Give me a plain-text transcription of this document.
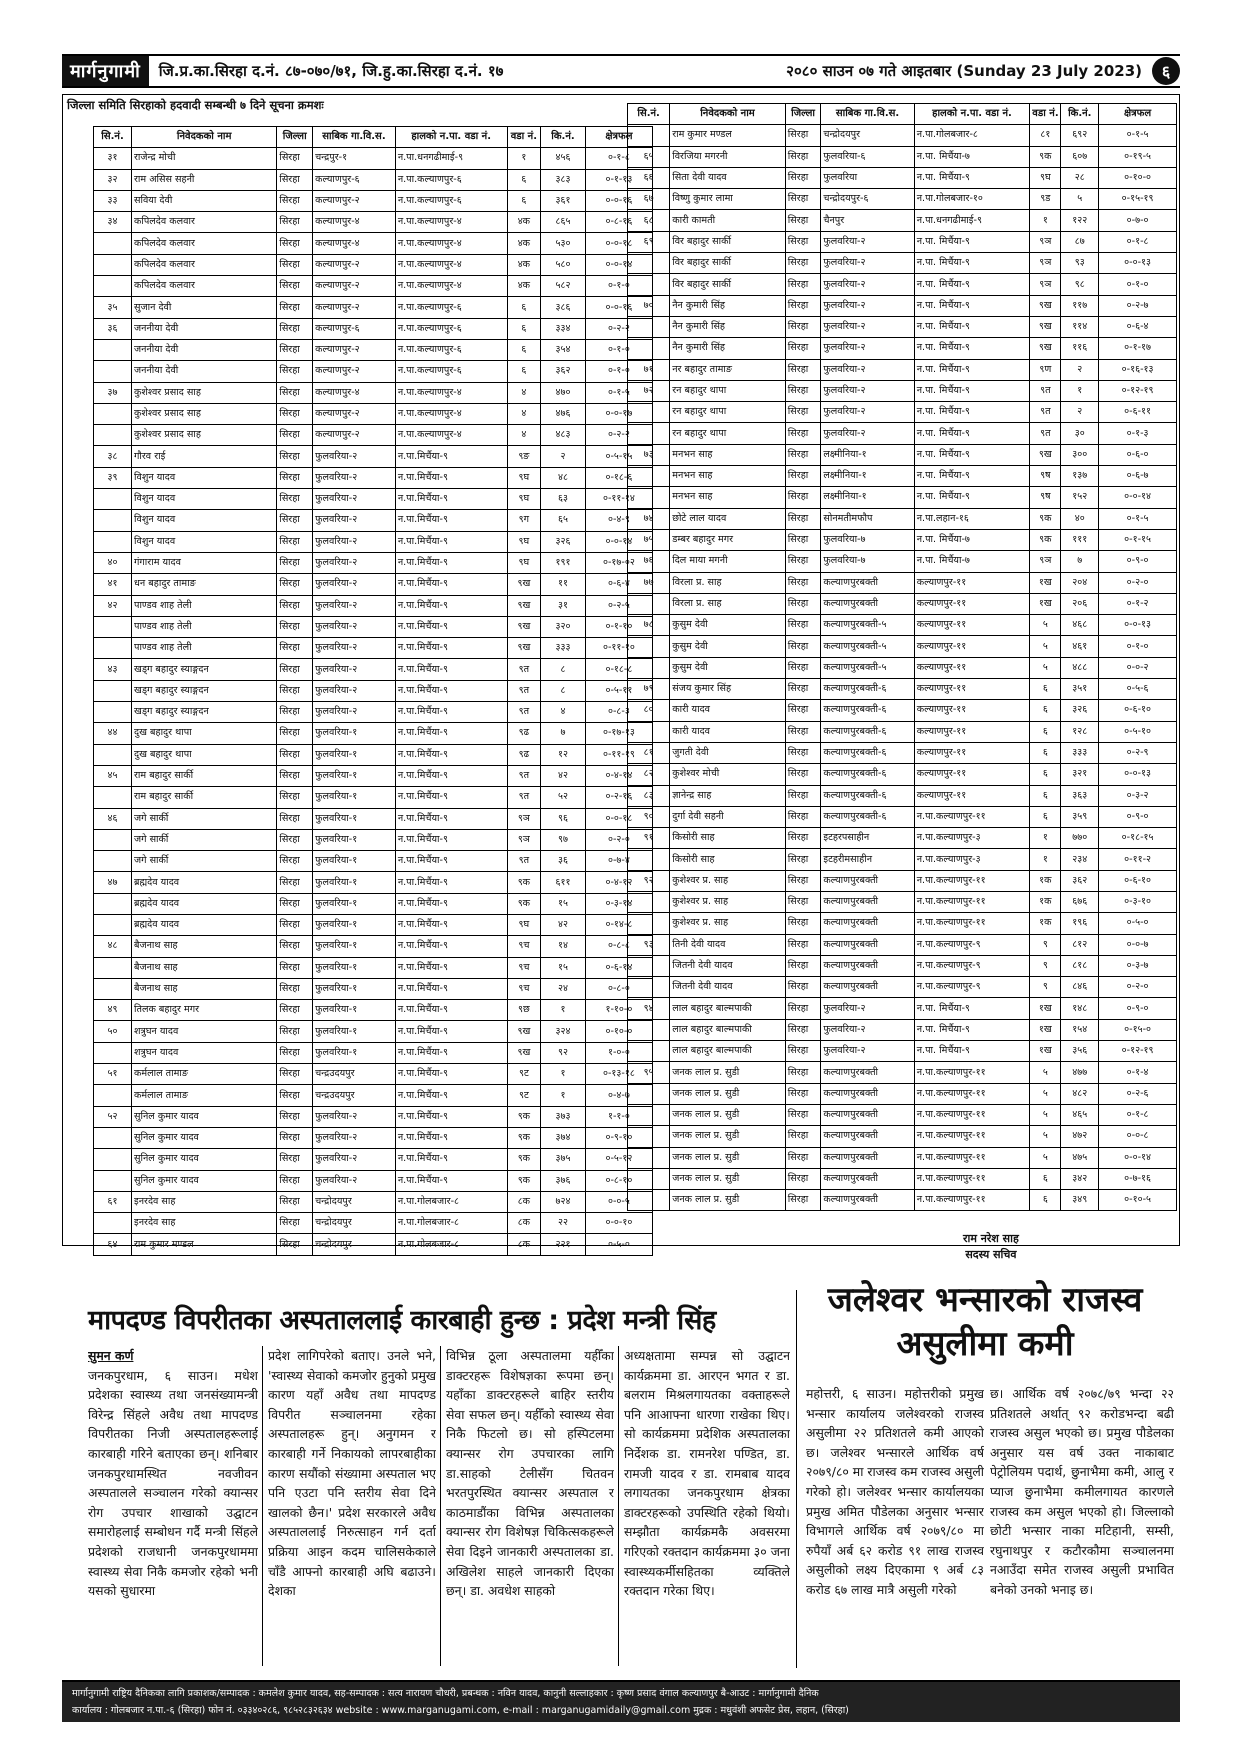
मार्गनुगामी	जि.प्र.का.सिरहा द.नं. ८७-०७०/७१, जि.हु.का.सिरहा द.नं. १७	२०८० साउन ०७ गते आइतबार (Sunday 23 July 2023)	६
जिल्ला समिति सिरहाको हदवादी सम्बन्धी ७ दिने सूचना क्रमशः
सि.नं.	निवेदकको नाम	जिल्ला	साबिक गा.वि.स.	हालको न.पा. वडा नं.	वडा नं.	कि.नं.	क्षेत्रफल
३१	राजेन्द्र मोची	सिरहा	चन्द्रपुर-१	न.पा.धनगढीमाई-९	१	४५६	०-१-८
३२	राम असिस सहनी	सिरहा	कल्याणपुर-६	न.पा.कल्याणपुर-६	६	३८३	०-१-१३
३३	सविया देवी	सिरहा	कल्याणपुर-२	न.पा.कल्याणपुर-६	६	३६१	०-०-१६
३४	कपिलदेव कलवार	सिरहा	कल्याणपुर-४	न.पा.कल्याणपुर-४	४क	८६५	०-८-१६
	कपिलदेव कलवार	सिरहा	कल्याणपुर-४	न.पा.कल्याणपुर-४	४क	५३०	०-०-१८
	कपिलदेव कलवार	सिरहा	कल्याणपुर-२	न.पा.कल्याणपुर-४	४क	५८०	०-०-१४
	कपिलदेव कलवार	सिरहा	कल्याणपुर-२	न.पा.कल्याणपुर-४	४क	५८२	०-१-०
३५	सुजान देवी	सिरहा	कल्याणपुर-२	न.पा.कल्याणपुर-६	६	३८६	०-०-१६
३६	जननीया देवी	सिरहा	कल्याणपुर-६	न.पा.कल्याणपुर-६	६	३३४	०-२-२
	जननीया देवी	सिरहा	कल्याणपुर-२	न.पा.कल्याणपुर-६	६	३५४	०-१-०
	जननीया देवी	सिरहा	कल्याणपुर-२	न.पा.कल्याणपुर-६	६	३६२	०-१-०
३७	कुशेश्वर प्रसाद साह	सिरहा	कल्याणपुर-४	न.पा.कल्याणपुर-४	४	४७०	०-१-५
	कुशेश्वर प्रसाद साह	सिरहा	कल्याणपुर-२	न.पा.कल्याणपुर-४	४	४७६	०-०-१७
	कुशेश्वर प्रसाद साह	सिरहा	कल्याणपुर-२	न.पा.कल्याणपुर-४	४	४८३	०-२-२
३८	गौरव राई	सिरहा	फुलवरिया-२	न.पा.मिर्चैया-९	९ङ	२	०-५-१५
३९	विशुन यादव	सिरहा	फुलवरिया-२	न.पा.मिर्चैया-९	९घ	४८	०-१८-६
	विशुन यादव	सिरहा	फुलवरिया-२	न.पा.मिर्चैया-९	९घ	६३	०-११-१४
	विशुन यादव	सिरहा	फुलवरिया-२	न.पा.मिर्चैया-९	९ग	६५	०-४-९
	विशुन यादव	सिरहा	फुलवरिया-२	न.पा.मिर्चैया-९	९घ	३२६	०-०-१४
४०	गंगाराम यादव	सिरहा	फुलवरिया-२	न.पा.मिर्चैया-९	९घ	१९१	०-१७-०२
४१	धन बहादुर तामाङ	सिरहा	फुलवरिया-२	न.पा.मिर्चैया-९	९ख	११	०-६-४
४२	पाण्डव शाह तेली	सिरहा	फुलवरिया-२	न.पा.मिर्चैया-९	९ख	३१	०-२-५
	पाण्डव शाह तेली	सिरहा	फुलवरिया-२	न.पा.मिर्चैया-९	९ख	३२०	०-१-१०
	पाण्डव शाह तेली	सिरहा	फुलवरिया-२	न.पा.मिर्चैया-९	९ख	३३३	०-११-१०
४३	खड्ग बहादुर स्याङ्गदन	सिरहा	फुलवरिया-२	न.पा.मिर्चैया-९	९त	८	०-१८-८
	खड्ग बहादुर स्याङ्गदन	सिरहा	फुलवरिया-२	न.पा.मिर्चैया-९	९त	८	०-५-११
	खड्ग बहादुर स्याङ्गदन	सिरहा	फुलवरिया-२	न.पा.मिर्चैया-९	९त	४	०-८-३
४४	दुख बहादुर थापा	सिरहा	फुलवरिया-१	न.पा.मिर्चैया-९	९ढ	७	०-१७-१३
	दुख बहादुर थापा	सिरहा	फुलवरिया-१	न.पा.मिर्चैया-९	९ढ	१२	०-११-१९
४५	राम बहादुर सार्की	सिरहा	फुलवरिया-१	न.पा.मिर्चैया-९	९त	४२	०-४-१४
	राम बहादुर सार्की	सिरहा	फुलवरिया-१	न.पा.मिर्चैया-९	९त	५२	०-२-१६
४६	जगे सार्की	सिरहा	फुलवरिया-१	न.पा.मिर्चैया-९	९ञ	९६	०-०-१८
	जगे सार्की	सिरहा	फुलवरिया-१	न.पा.मिर्चैया-९	९ञ	९७	०-२-०
	जगे सार्की	सिरहा	फुलवरिया-१	न.पा.मिर्चैया-९	९त	३६	०-७-४
४७	ब्रह्मदेव यादव	सिरहा	फुलवरिया-१	न.पा.मिर्चैया-९	९क	६११	०-४-१२
	ब्रह्मदेव यादव	सिरहा	फुलवरिया-१	न.पा.मिर्चैया-९	९क	१५	०-३-१४
	ब्रह्मदेव यादव	सिरहा	फुलवरिया-१	न.पा.मिर्चैया-९	९घ	४२	०-१४-८
४८	बैजनाथ साह	सिरहा	फुलवरिया-१	न.पा.मिर्चैया-९	९च	१४	०-८-८
	बैजनाथ साह	सिरहा	फुलवरिया-१	न.पा.मिर्चैया-९	९च	१५	०-६-१४
	बैजनाथ साह	सिरहा	फुलवरिया-१	न.पा.मिर्चैया-९	९च	२४	०-८-०
४९	तिलक बहादुर मगर	सिरहा	फुलवरिया-१	न.पा.मिर्चैया-९	९छ	१	१-१०-०
५०	शत्रुघन यादव	सिरहा	फुलवरिया-१	न.पा.मिर्चैया-९	९ख	३२४	०-१०-०
	शत्रुघन यादव	सिरहा	फुलवरिया-१	न.पा.मिर्चैया-९	९ख	९२	१-०-०
५१	कर्मलाल तामाङ	सिरहा	चन्द्रउदयपुर	न.पा.मिर्चैया-९	९ट	१	०-१३-१८
	कर्मलाल तामाङ	सिरहा	चन्द्रउदयपुर	न.पा.मिर्चैया-९	९ट	१	०-४-७
५२	सुनिल कुमार यादव	सिरहा	फुलवरिया-२	न.पा.मिर्चैया-९	९क	३७३	१-१-०
	सुनिल कुमार यादव	सिरहा	फुलवरिया-२	न.पा.मिर्चैया-९	९क	३७४	०-९-१०
	सुनिल कुमार यादव	सिरहा	फुलवरिया-२	न.पा.मिर्चैया-९	९क	३७५	०-५-१२
	सुनिल कुमार यादव	सिरहा	फुलवरिया-२	न.पा.मिर्चैया-९	९क	३७६	०-८-१०
६१	इनरदेव साह	सिरहा	चन्द्रोदयपुर	न.पा.गोलबजार-८	८क	७२४	०-०-५
	इनरदेव साह	सिरहा	चन्द्रोदयपुर	न.पा.गोलबजार-८	८क	२२	०-०-१०
६४	राम कुमार मण्डल	सिरहा	चन्द्रोदयपुर	न.पा.गोलबजार-८	८क	२२१	०-५-०
सि.नं.	निवेदकको नाम	जिल्ला	साबिक गा.वि.स.	हालको न.पा. वडा नं.	वडा नं.	कि.नं.	क्षेत्रफल
	राम कुमार मण्डल	सिरहा	चन्द्रोदयपुर	न.पा.गोलबजार-८	८१	६९२	०-१-५
६५	विरजिया मगरनी	सिरहा	फुलवरिया-६	न.पा. मिर्चैया-७	९क	६०७	०-१९-५
६६	सिता देवी यादव	सिरहा	फुलवरिया	न.पा. मिर्चैया-९	९घ	२८	०-१०-०
६७	विष्णु कुमार लामा	सिरहा	चन्द्रोदयपुर-६	न.पा.गोलबजार-१०	९ड	५	०-१५-१९
६८	कारी कामती	सिरहा	चैनपुर	न.पा.धनगढीमाई-९	१	१२२	०-७-०
६९	विर बहादुर सार्की	सिरहा	फुलवरिया-२	न.पा. मिर्चैया-९	९ञ	८७	०-१-८
	विर बहादुर सार्की	सिरहा	फुलवरिया-२	न.पा. मिर्चैया-९	९ञ	९३	०-०-१३
	विर बहादुर सार्की	सिरहा	फुलवरिया-२	न.पा. मिर्चैया-९	९ञ	९८	०-१-०
७०	नैन कुमारी सिंह	सिरहा	फुलवरिया-२	न.पा. मिर्चैया-९	९ख	११७	०-२-७
	नैन कुमारी सिंह	सिरहा	फुलवरिया-२	न.पा. मिर्चैया-९	९ख	११४	०-६-४
	नैन कुमारी सिंह	सिरहा	फुलवरिया-२	न.पा. मिर्चैया-९	९ख	११६	०-१-१७
७१	नर बहादुर तामाङ	सिरहा	फुलवरिया-२	न.पा. मिर्चैया-९	९ण	२	०-१६-१३
७२	रन बहादुर थापा	सिरहा	फुलवरिया-२	न.पा. मिर्चैया-९	९त	१	०-१२-१९
	रन बहादुर थापा	सिरहा	फुलवरिया-२	न.पा. मिर्चैया-९	९त	२	०-६-११
	रन बहादुर थापा	सिरहा	फुलवरिया-२	न.पा. मिर्चैया-९	९त	३०	०-१-३
७३	मनभन साह	सिरहा	लक्ष्मीनिया-१	न.पा. मिर्चैया-९	९ख	३००	०-६-०
	मनभन साह	सिरहा	लक्ष्मीनिया-१	न.पा. मिर्चैया-९	९ष	१३७	०-६-७
	मनभन साह	सिरहा	लक्ष्मीनिया-१	न.पा. मिर्चैया-९	९ष	१५२	०-०-१४
७४	छोटे लाल यादव	सिरहा	सोनमतीमफौप	न.पा.लहान-१६	९क	४०	०-१-५
७५	डम्बर बहादुर मगर	सिरहा	फुलवरिया-७	न.पा. मिर्चैया-७	९क	१११	०-१-१५
७६	दिल माया मगनी	सिरहा	फुलवरिया-७	न.पा. मिर्चैया-७	९ञ	७	०-९-०
७७	विरला प्र. साह	सिरहा	कल्याणपुरबक्ती	कल्याणपुर-११	१ख	२०४	०-२-०
	विरला प्र. साह	सिरहा	कल्याणपुरबक्ती	कल्याणपुर-११	१ख	२०६	०-१-२
७८	कुसुम देवी	सिरहा	कल्याणपुरबक्ती-५	कल्याणपुर-११	५	४६८	०-०-१३
	कुसुम देवी	सिरहा	कल्याणपुरबक्ती-५	कल्याणपुर-११	५	४६१	०-१-०
	कुसुम देवी	सिरहा	कल्याणपुरबक्ती-५	कल्याणपुर-११	५	४८८	०-०-२
७९	संजय कुमार सिंह	सिरहा	कल्याणपुरबक्ती-६	कल्याणपुर-११	६	३५१	०-५-६
८०	कारी यादव	सिरहा	कल्याणपुरबक्ती-६	कल्याणपुर-११	६	३२६	०-६-१०
	कारी यादव	सिरहा	कल्याणपुरबक्ती-६	कल्याणपुर-११	६	१२८	०-५-१०
८१	जुगती देवी	सिरहा	कल्याणपुरबक्ती-६	कल्याणपुर-११	६	३३३	०-२-९
८२	कुशेश्वर मोची	सिरहा	कल्याणपुरबक्ती-६	कल्याणपुर-११	६	३२१	०-०-१३
८३	ज्ञानेन्द्र साह	सिरहा	कल्याणपुरबक्ती-६	कल्याणपुर-११	६	३६३	०-३-२
९०	दुर्गा देवी सहनी	सिरहा	कल्याणपुरबक्ती-६	न.पा.कल्याणपुर-११	६	३५९	०-९-०
९१	किसोरी साह	सिरहा	इटहरपसाहीन	न.पा.कल्याणपुर-३	१	७७०	०-१८-१५
	किसोरी साह	सिरहा	इटहरीमसाहीन	न.पा.कल्याणपुर-३	१	२३४	०-११-२
९२	कुशेश्वर प्र. साह	सिरहा	कल्याणपुरबक्ती	न.पा.कल्याणपुर-११	१क	३६२	०-६-१०
	कुशेश्वर प्र. साह	सिरहा	कल्याणपुरबक्ती	न.पा.कल्याणपुर-११	१क	६७६	०-३-१०
	कुशेश्वर प्र. साह	सिरहा	कल्याणपुरबक्ती	न.पा.कल्याणपुर-११	१क	१९६	०-५-०
९३	तिनी देवी यादव	सिरहा	कल्याणपुरबक्ती	न.पा.कल्याणपुर-९	९	८१२	०-०-७
	जितनी देवी यादव	सिरहा	कल्याणपुरबक्ती	न.पा.कल्याणपुर-९	९	८१८	०-३-७
	जितनी देवी यादव	सिरहा	कल्याणपुरबक्ती	न.पा.कल्याणपुर-९	९	८४६	०-२-०
९४	लाल बहादुर बाल्मपाकी	सिरहा	फुलवरिया-२	न.पा. मिर्चैया-९	१ख	१४८	०-९-०
	लाल बहादुर बाल्मपाकी	सिरहा	फुलवरिया-२	न.पा. मिर्चैया-९	१ख	१५४	०-१५-०
	लाल बहादुर बाल्मपाकी	सिरहा	फुलवरिया-२	न.पा. मिर्चैया-९	१ख	३५६	०-१२-१९
९५	जनक लाल प्र. सुडी	सिरहा	कल्याणपुरबक्ती	न.पा.कल्याणपुर-११	५	४७७	०-१-४
	जनक लाल प्र. सुडी	सिरहा	कल्याणपुरबक्ती	न.पा.कल्याणपुर-११	५	४८२	०-२-६
	जनक लाल प्र. सुडी	सिरहा	कल्याणपुरबक्ती	न.पा.कल्याणपुर-११	५	४६५	०-१-८
	जनक लाल प्र. सुडी	सिरहा	कल्याणपुरबक्ती	न.पा.कल्याणपुर-११	५	४७२	०-०-८
	जनक लाल प्र. सुडी	सिरहा	कल्याणपुरबक्ती	न.पा.कल्याणपुर-११	५	४७५	०-०-१४
	जनक लाल प्र. सुडी	सिरहा	कल्याणपुरबक्ती	न.पा.कल्याणपुर-११	६	३४२	०-७-१६
	जनक लाल प्र. सुडी	सिरहा	कल्याणपुरबक्ती	न.पा.कल्याणपुर-११	६	३४९	०-१०-५
राम नरेश साह
सदस्य सचिव
मापदण्ड विपरीतका अस्पताललाई कारबाही हुन्छ : प्रदेश मन्त्री सिंह
सुमन कर्ण
जनकपुरधाम, ६ साउन। मधेश प्रदेशका स्वास्थ्य तथा जनसंख्यामन्त्री विरेन्द्र सिंहले अवैध तथा मापदण्ड विपरीतका निजी अस्पतालहरूलाई कारबाही गरिने बताएका छन्। शनिबार जनकपुरधामस्थित नवजीवन अस्पतालले सञ्चालन गरेको क्यान्सर रोग उपचार शाखाको उद्घाटन समारोहलाई सम्बोधन गर्दै मन्त्री सिंहले प्रदेशको राजधानी जनकपुरधाममा स्वास्थ्य सेवा निकै कमजोर रहेको भनी यसको सुधारमा
प्रदेश लागिपरेको बताए। उनले भने, 'स्वास्थ्य सेवाको कमजोर हुनुको प्रमुख कारण यहाँ अवैध तथा मापदण्ड विपरीत सञ्चालनमा रहेका अस्पतालहरू हुन्। अनुगमन र कारबाही गर्ने निकायको लापरबाहीका कारण सयौंको संख्यामा अस्पताल भए पनि एउटा पनि स्तरीय सेवा दिने खालको छैन।' प्रदेश सरकारले अवैध अस्पताललाई निरुत्साहन गर्न दर्ता प्रक्रिया आइन कदम चालिसकेकाले चाँडै आफ्नो कारबाही अघि बढाउने। देशका
विभिन्न ठूला अस्पतालमा यहीँका डाक्टरहरू विशेषज्ञका रूपमा छन्। यहाँका डाक्टरहरूले बाहिर स्तरीय सेवा सफल छन्। यहीँको स्वास्थ्य सेवा निकै फिटलो छ। सो हस्पिटलमा क्यान्सर रोग उपचारका लागि डा.साहको टेलीसँग चितवन भरतपुरस्थित क्यान्सर अस्पताल र काठमाडौंका विभिन्न अस्पतालका क्यान्सर रोग विशेषज्ञ चिकित्सकहरूले सेवा दिइने जानकारी अस्पतालका डा. अखिलेश साहले जानकारी दिएका छन्। डा. अवधेश साहको
अध्यक्षतामा सम्पन्न सो उद्घाटन कार्यक्रममा डा. आरएन भगत र डा. बलराम मिश्रलगायतका वक्ताहरूले पनि आआफ्ना धारणा राखेका थिए। सो कार्यक्रममा प्रदेशिक अस्पतालका निर्देशक डा. रामनरेश पण्डित, डा. रामजी यादव र डा. रामबाब यादव लगायतका जनकपुरधाम क्षेत्रका डाक्टरहरूको उपस्थिति रहेको थियो। सम्झौता कार्यक्रमकै अवसरमा गरिएको रक्तदान कार्यक्रममा ३० जना स्वास्थ्यकर्मीसहितका व्यक्तिले रक्तदान गरेका थिए।
जलेश्वर भन्सारको राजस्व असुलीमा कमी
महोत्तरी, ६ साउन। महोत्तरीको प्रमुख भन्सार कार्यालय जलेश्वरको राजस्व असुलीमा २२ प्रतिशतले कमी आएको छ। जलेश्वर भन्सारले आर्थिक वर्ष २०७९/८० मा राजस्व कम राजस्व असुली गरेको हो। जलेश्वर भन्सार कार्यालयका प्रमुख अमित पौडेलका अनुसार भन्सार विभागले आर्थिक वर्ष २०७९/८० मा रुपैयाँ अर्ब ६२ करोड ९१ लाख राजस्व असुलीको लक्ष्य दिएकामा ९ अर्ब ८३ करोड ६७ लाख मात्रै असुली गरेको
छ। आर्थिक वर्ष २०७८/७९ भन्दा २२ प्रतिशतले अर्थात् ९२ करोडभन्दा बढी राजस्व असुल भएको छ। प्रमुख पौडेलका अनुसार यस वर्ष उक्त नाकाबाट पेट्रोलियम पदार्थ, छुनाभैमा कमी, आलु र प्याज छुनाभैमा कमीलगायत कारणले राजस्व कम असुल भएको हो। जिल्लाको छोटी भन्सार नाका मटिहानी, सम्सी, रघुनाथपुर र कटौरकौमा सञ्चालनमा नआउँदा समेत राजस्व असुली प्रभावित बनेको उनको भनाइ छ।
मार्गानुगामी राष्ट्रिय दैनिकका लागि प्रकाशक/सम्पादक : कमलेश कुमार यादव, सह-सम्पादक : सत्य नारायण चौधरी, प्रबन्धक : नविन यादव, कानुनी सल्लाहकार : कृष्ण प्रसाद वंगाल कल्याणपुर बै-आउट : मार्गानुगामी दैनिक
कार्यालय : गोलबजार न.पा.-६ (सिरहा) फोन नं. ०३३४०२८६, ९८५२८३२६३४ website : www.marganugami.com, e-mail : marganugamidaily@gmail.com मुद्रक : मधुवंशी अफसेट प्रेस, लहान, (सिरहा)
